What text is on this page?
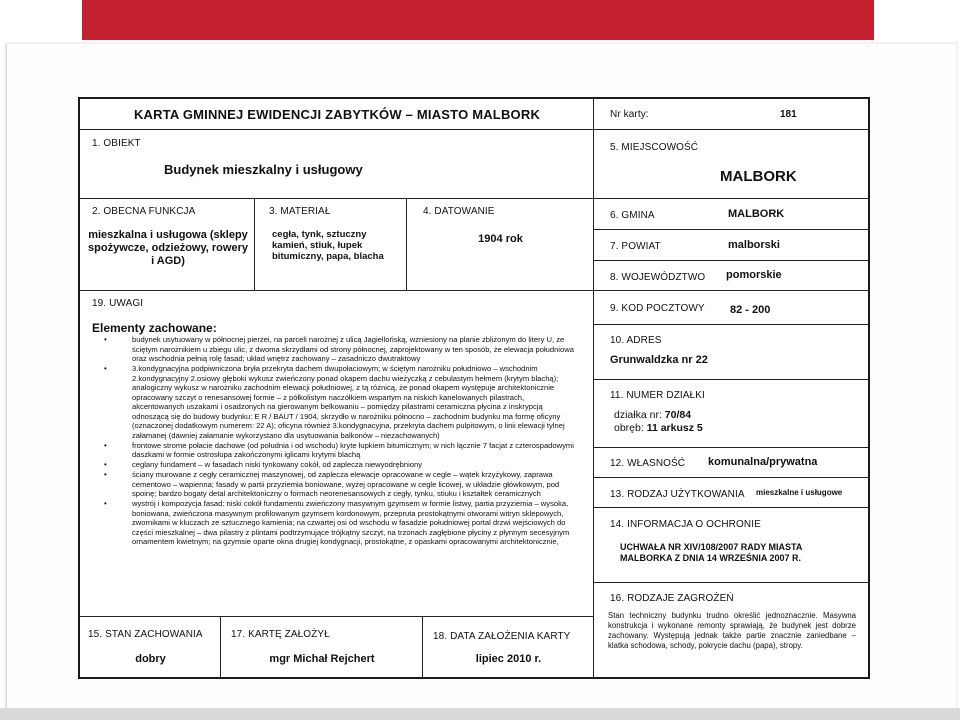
KARTA GMINNEJ EWIDENCJI ZABYTKÓW – MIASTO MALBORK	Nr karty:	181
1. OBIEKT
Budynek mieszkalny i usługowy
5. MIEJSCOWOŚĆ
MALBORK
2. OBECNA FUNKCJA
mieszkalna i usługowa (sklepy spożywcze, odzieżowy, rowery i AGD)
3. MATERIAŁ
cegła, tynk, sztuczny kamień, stiuk, łupek bitumiczny, papa, blacha
4. DATOWANIE
1904 rok
6. GMINA	MALBORK
7. POWIAT	malborski
8. WOJEWÓDZTWO pomorskie
19. UWAGI
Elementy zachowane:
•	budynek usytuowany w północnej pierzei, na parceli narożnej z ulicą Jagiellońską, wzniesiony na planie zbliżonym do litery U, ze ściętym narożnikiem u zbiegu ulic, z dwoma skrzydłami od strony północnej, zaprojektowany w ten sposób, że elewacja południowa oraz wschodnia pełnią rolę fasad; układ wnętrz zachowany – zasadniczo dwutraktowy
•	3.kondygnacyjna podpiwniczona bryła przekryta dachem dwupołaciowym; w ściętym narożniku południowo – wschodnim 2.kondygnacyjny 2.osiowy głęboki wykusz zwieńczony ponad okapem dachu wieżyczką z cebulastym hełmem (krytym blachą); analogiczny wykusz w narożniku zachodnim elewacji południowej, z tą różnicą, że ponad okapem występuje architektonicznie opracowany szczyt o renesansowej formie – z półkolistym naczółkiem wspartym na niskich kanelowanych pilastrach, akcentowanych uszakami i osadzonych na gierowanym belkowaniu – pomiędzy pilastrami ceramiczna płycina z inskrypcją odnoszącą się do budowy budynku: E R / BAUT / 1904, skrzydło w narożniku północno – zachodnim budynku ma formę oficyny (oznaczonej dodatkowym numerem: 22 A); oficyna również 3.kondygnacyjna, przekryta dachem pulpitowym, o linii elewacji tylnej załamanej (dawniej załamanie wykorzystano dla usytuowania balkonów – niezachowanych)
•	frontowe strome połacie dachowe (od południa i od wschodu) kryte łupkiem bitumicznym; w nich łącznie 7 facjat z czterospadowymi daszkami w formie ostrosłupa zakończonymi iglicami krytymi blachą
•	ceglany fundament – w fasadach niski tynkowany cokół, od zaplecza niewyodrębniony
•	ściany murowane z cegły ceramicznej maszynowej, od zaplecza elewacje opracowane w cegle – wątek krzyżykowy, zaprawa cementowo – wapienna; fasady w partii przyziemia boniowane, wyżej opracowane w cegle licowej, w układzie główkowym, pod spoinę; bardzo bogaty detal architektoniczny o formach neorenesansowych z cegły, tynku, stiuku i kształtek ceramicznych
•	wystrój i kompozycja fasad: niski cokół fundamentu zwieńczony masywnym gzymsem w formie listwy, partia przyziemia – wysoka, boniowana, zwieńczona masywnym profilowanym gzymsem kordonowym, przepruta prostokątnymi otworami witryn sklepowych, zwornikami w kluczach ze sztucznego kamienia; na czwartej osi od wschodu w fasadzie południowej portal drzwi wejściowych do części mieszkalnej – dwa pilastry z plintami podtrzymujące trójkątny szczyt, na trzonach zagłębione płyciny z płynnym secesyjnym ornamentem kwietnym; na gzymsie oparte okna drugiej kondygnacji, prostokątne, z opaskami opracowanymi architektonicznie,
9. KOD POCZTOWY 82 - 200
10. ADRES
Grunwaldzka nr 22
11. NUMER DZIAŁKI
działka nr: 70/84
obręb: 11 arkusz 5
12. WŁASNOŚĆ komunalna/prywatna
13. RODZAJ UŻYTKOWANIA mieszkalne i usługowe
14. INFORMACJA O OCHRONIE
UCHWAŁA NR XIV/108/2007 RADY MIASTA MALBORKA Z DNIA 14 WRZEŚNIA 2007 R.
16. RODZAJE ZAGROŻEŃ
Stan techniczny budynku trudno określić jednoznacznie. Masywna konstrukcja i wykonane remonty sprawiają, że budynek jest dobrze zachowany. Występują jednak także partie znacznie zaniedbane – klatka schodowa, schody, pokrycie dachu (papa), stropy.
15. STAN ZACHOWANIA
dobry
17. KARTĘ ZAŁOŻYŁ
mgr Michał Rejchert
18. DATA ZAŁOŻENIA KARTY
lipiec 2010 r.
